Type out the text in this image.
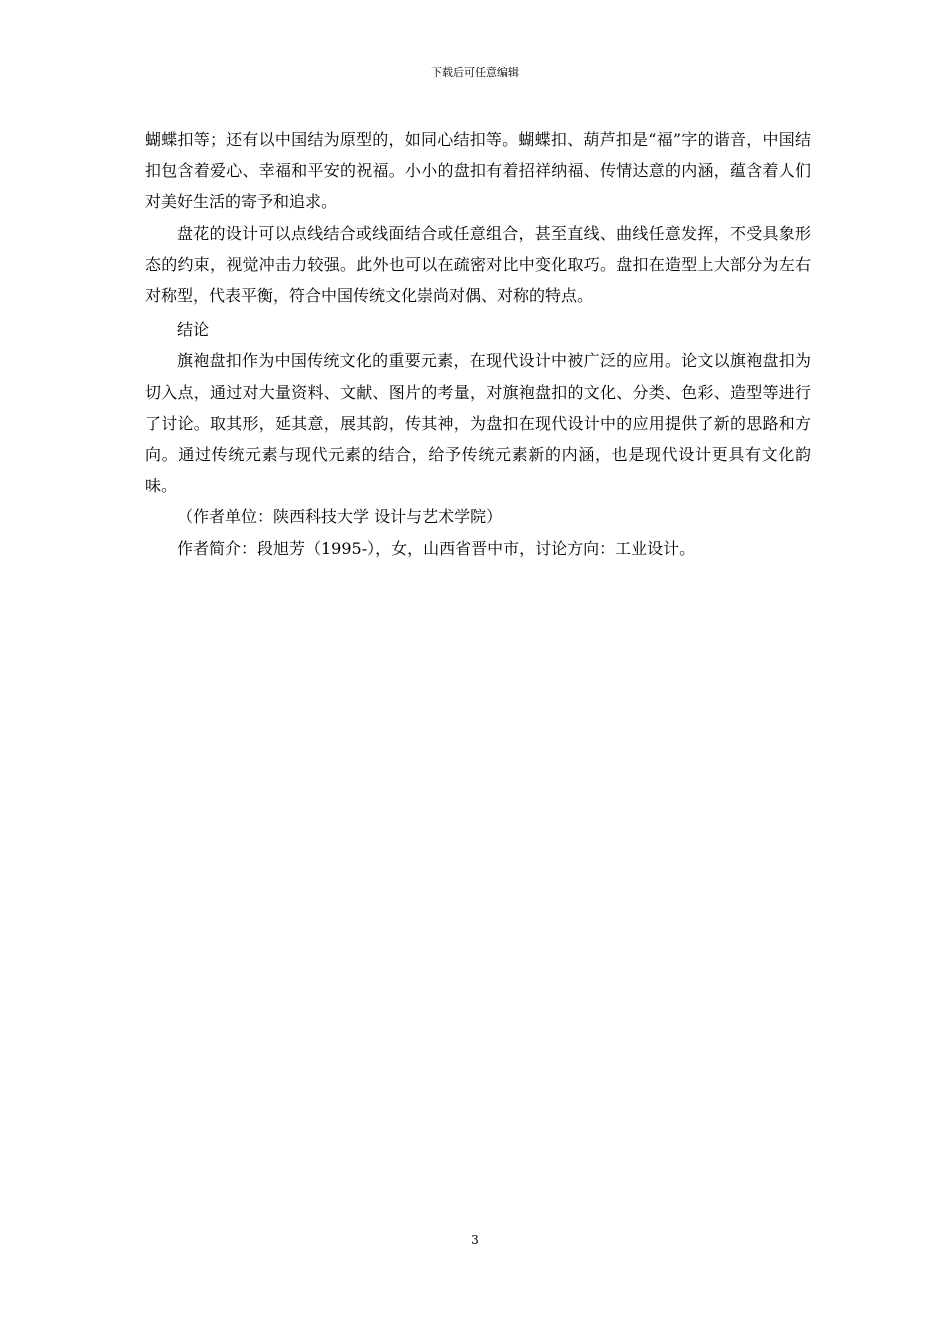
下载后可任意编辑

蝴蝶扣等；还有以中国结为原型的，如同心结扣等。蝴蝶扣、葫芦扣是“福”字的谐音，中国结扣包含着爱心、幸福和平安的祝福。小小的盘扣有着招祥纳福、传情达意的内涵，蕴含着人们对美好生活的寄予和追求。

盘花的设计可以点线结合或线面结合或任意组合，甚至直线、曲线任意发挥，不受具象形态的约束，视觉冲击力较强。此外也可以在疏密对比中变化取巧。盘扣在造型上大部分为左右对称型，代表平衡，符合中国传统文化崇尚对偶、对称的特点。

结论

旗袍盘扣作为中国传统文化的重要元素，在现代设计中被广泛的应用。论文以旗袍盘扣为切入点，通过对大量资料、文献、图片的考量，对旗袍盘扣的文化、分类、色彩、造型等进行了讨论。取其形，延其意，展其韵，传其神，为盘扣在现代设计中的应用提供了新的思路和方向。通过传统元素与现代元素的结合，给予传统元素新的内涵，也是现代设计更具有文化韵味。

（作者单位：陕西科技大学 设计与艺术学院）

作者简介：段旭芳（1995-），女，山西省晋中市，讨论方向：工业设计。

3
